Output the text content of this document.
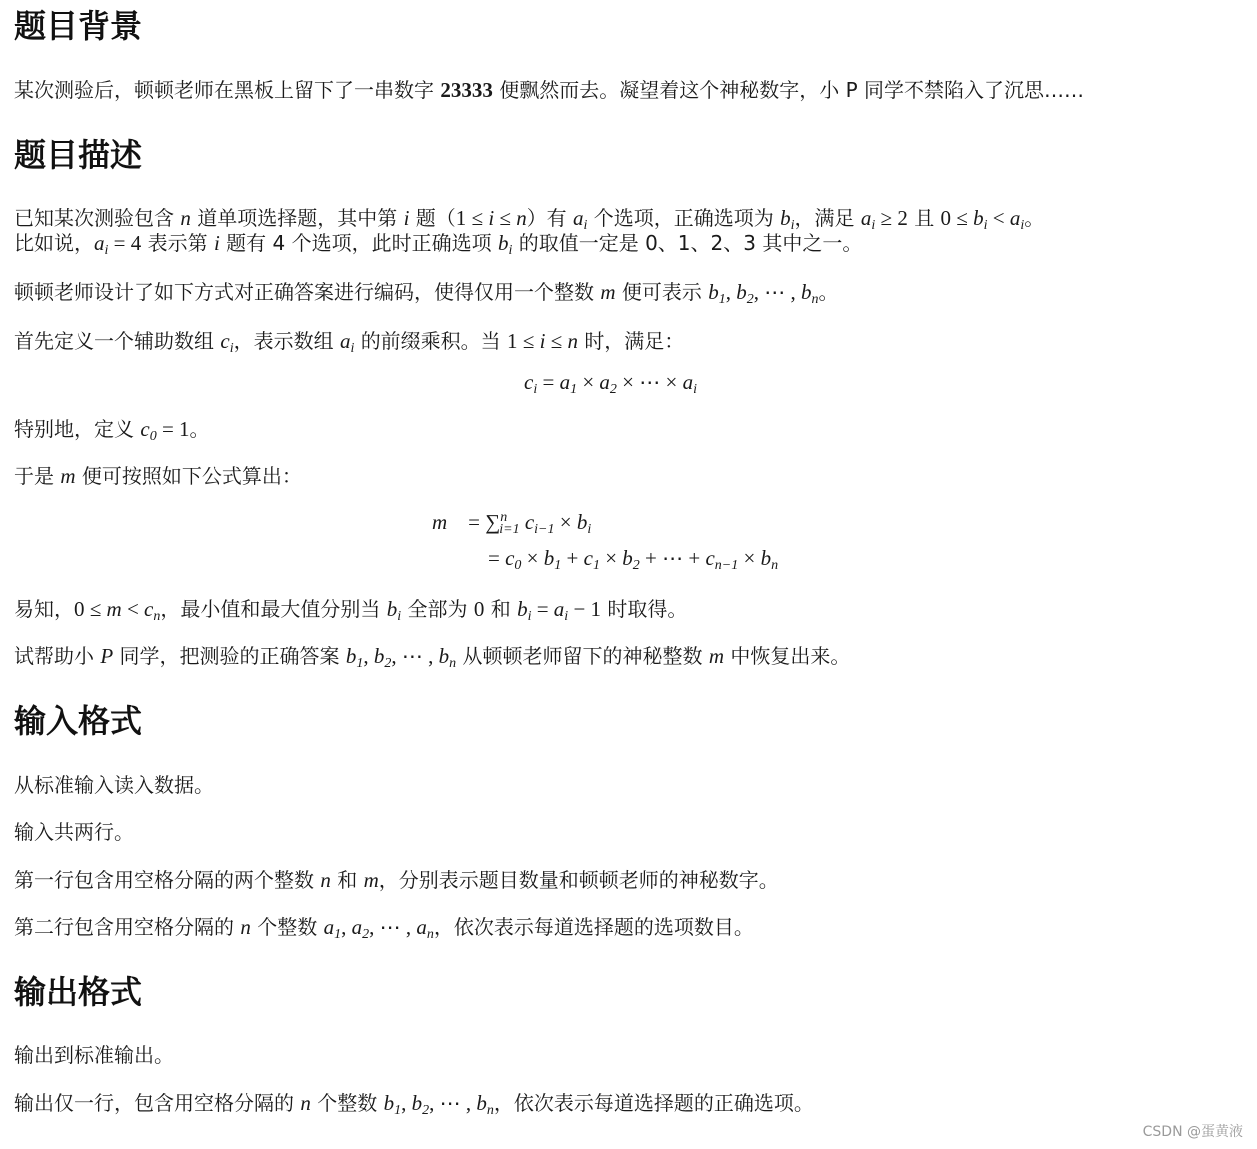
题目背景

某次测验后，顿顿老师在黑板上留下了一串数字 23333 便飘然而去。凝望着这个神秘数字，小 P 同学不禁陷入了沉思……

题目描述

已知某次测验包含 n 道单项选择题，其中第 i 题（1 ≤ i ≤ n）有 $a_i$ 个选项，正确选项为 $b_i$，满足 $a_i \ge 2$ 且 $0 \le b_i < a_i$。

比如说，$a_i = 4$ 表示第 i 题有 4 个选项，此时正确选项 $b_i$ 的取值一定是 0、1、2、3 其中之一。

顿顿老师设计了如下方式对正确答案进行编码，使得仅用一个整数 m 便可表示 $b_1$, $b_2$, ⋯ , $b_n$。

首先定义一个辅助数组 $c_i$，表示数组 $a_i$ 的前缀乘积。当 1 ≤ i ≤ n 时，满足：

$c_i = a_1 \times a_2$ × ⋯ × $a_i$

特别地，定义 $c_0 = 1$。

于是 m 便可按照如下公式算出：

m    = ∑$^n_{i=1}$ $c_{i-1} \times b_i$
= $c_0 \times b_1 + c_1 \times b_2$ + ⋯ + $c_{n-1} \times b_n$

易知，$0 \le m < c_n$，最小值和最大值分别当 $b_i$ 全部为 0 和 $b_i = a_i - 1$ 时取得。

试帮助小 P 同学，把测验的正确答案 $b_1$, $b_2$, ⋯ , $b_n$ 从顿顿老师留下的神秘整数 m 中恢复出来。

输入格式

从标准输入读入数据。

输入共两行。

第一行包含用空格分隔的两个整数 n 和 m，分别表示题目数量和顿顿老师的神秘数字。

第二行包含用空格分隔的 n 个整数 $a_1$, $a_2$, ⋯ , $a_n$，依次表示每道选择题的选项数目。

输出格式

输出到标准输出。

输出仅一行，包含用空格分隔的 n 个整数 $b_1$, $b_2$, ⋯ , $b_n$，依次表示每道选择题的正确选项。

CSDN @蛋黄液
